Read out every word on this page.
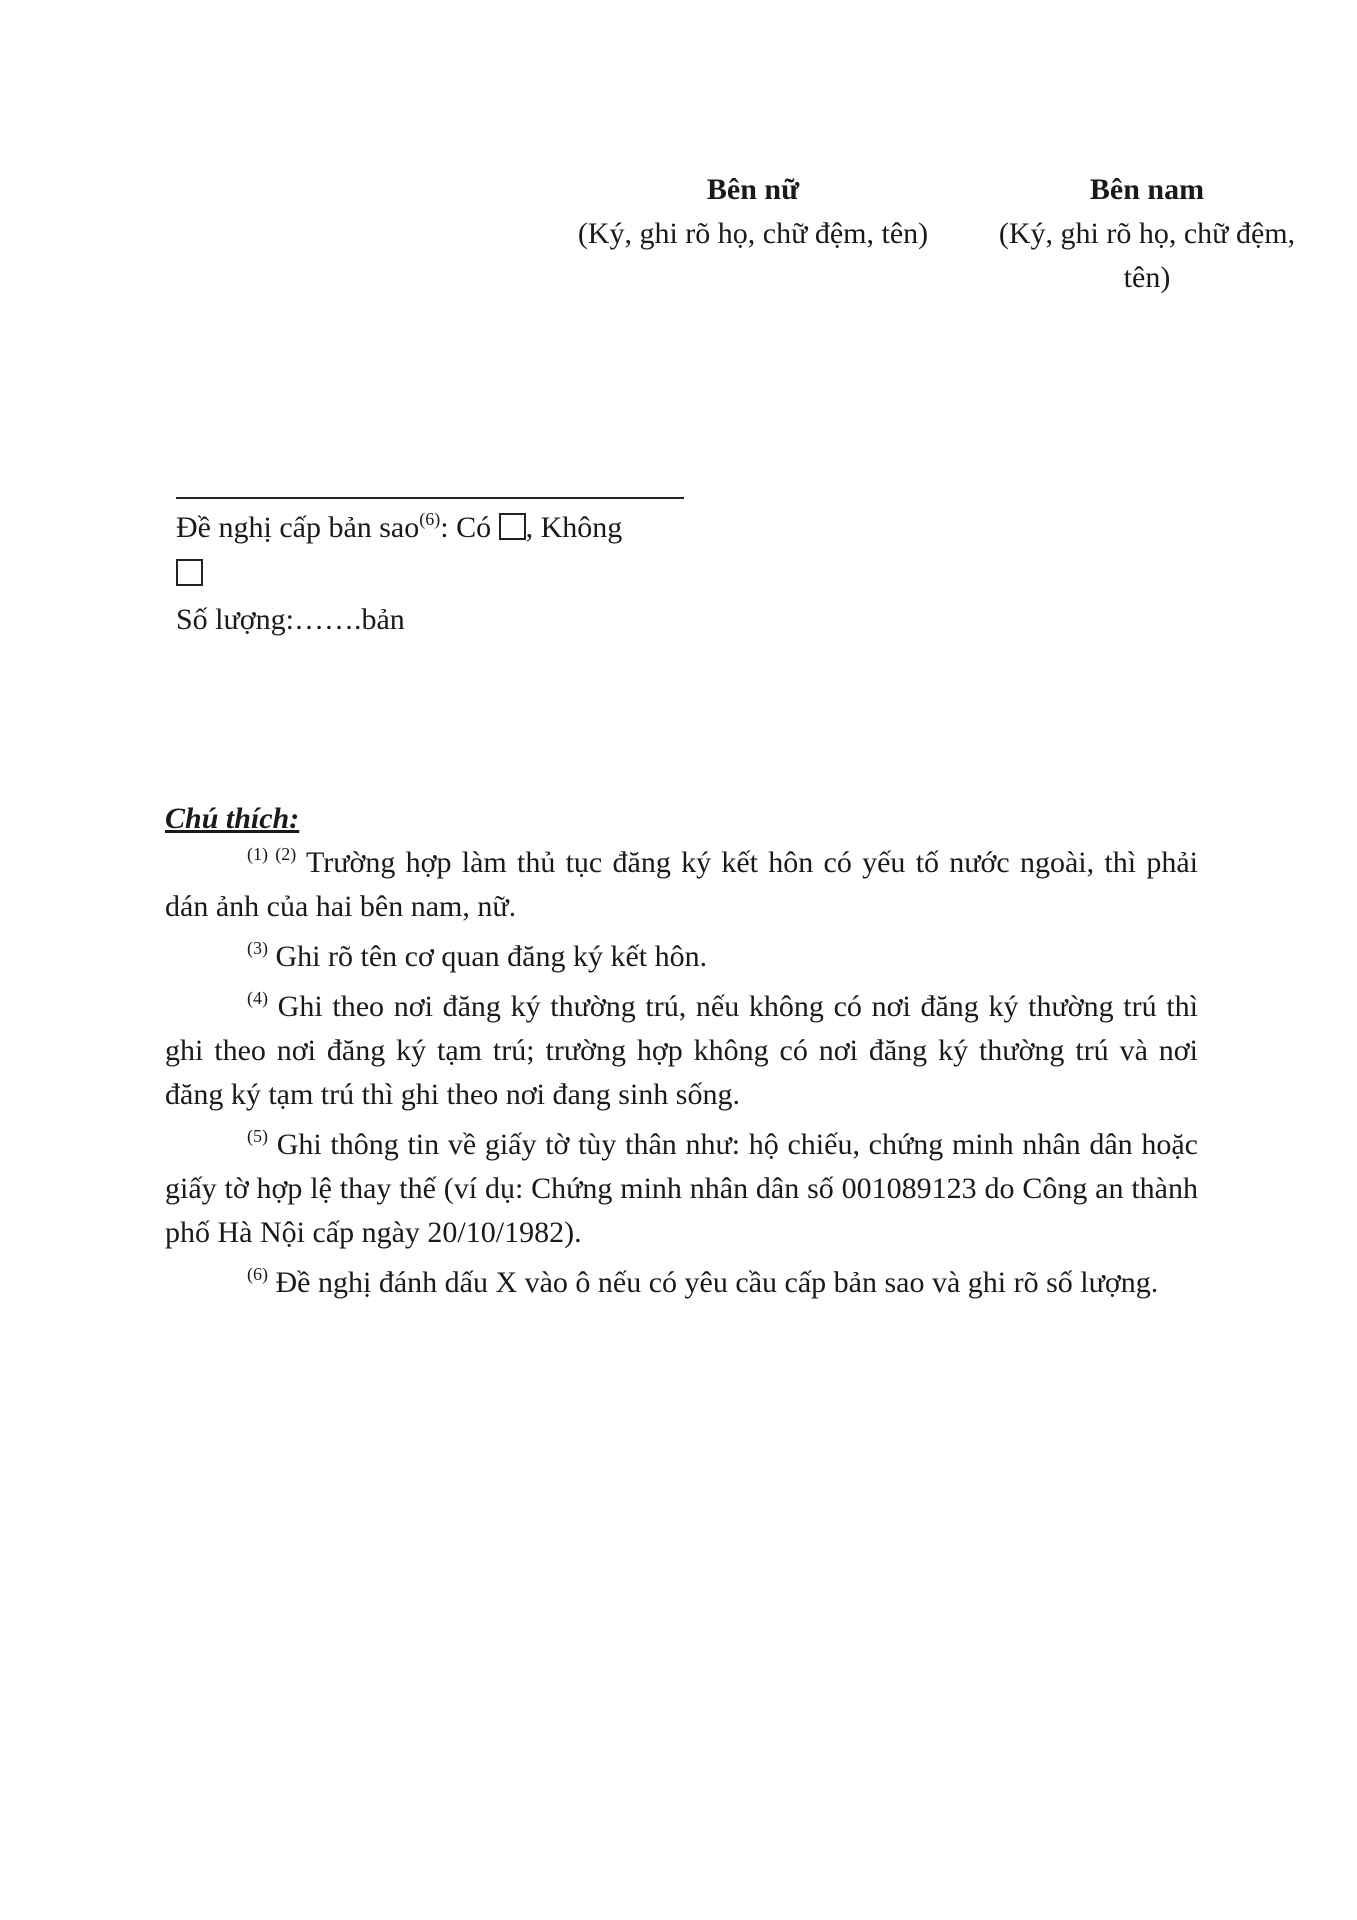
Bên nữ
(Ký, ghi rõ họ, chữ đệm, tên)
Bên nam
(Ký, ghi rõ họ, chữ đệm, tên)
Đề nghị cấp bản sao$^{(6)}$: Có , Không
Số lượng:…….bản
Chú thích:

$^{(1) (2)}$ Trường hợp làm thủ tục đăng ký kết hôn có yếu tố nước ngoài, thì phải dán ảnh của hai bên nam, nữ.

$^{(3)}$ Ghi rõ tên cơ quan đăng ký kết hôn.

$^{(4)}$ Ghi theo nơi đăng ký thường trú, nếu không có nơi đăng ký thường trú thì ghi theo nơi đăng ký tạm trú; trường hợp không có nơi đăng ký thường trú và nơi đăng ký tạm trú thì ghi theo nơi đang sinh sống.

$^{(5)}$ Ghi thông tin về giấy tờ tùy thân như: hộ chiếu, chứng minh nhân dân hoặc giấy tờ hợp lệ thay thế (ví dụ: Chứng minh nhân dân số 001089123 do Công an thành phố Hà Nội cấp ngày 20/10/1982).

$^{(6)}$ Đề nghị đánh dấu X vào ô nếu có yêu cầu cấp bản sao và ghi rõ số lượng.
